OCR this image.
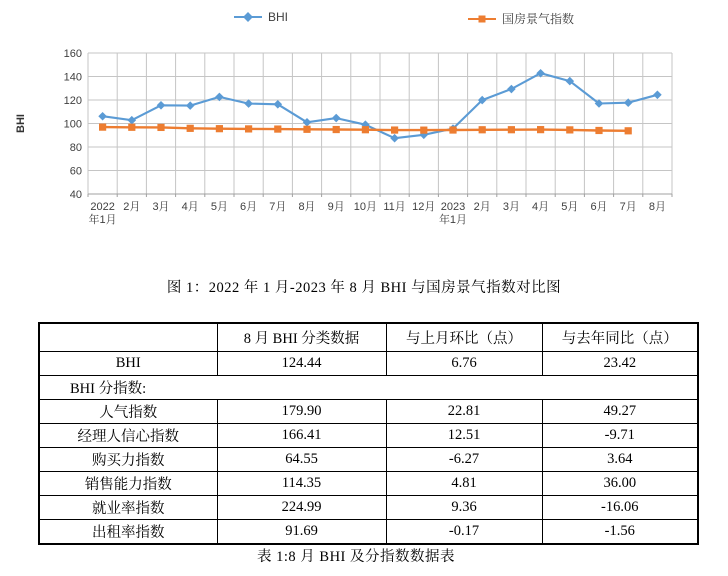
BHI	国房景气指数
40
60
80
100
120
140
160
BHI
2022 年1月
2月 3月 4月 5月 6月 7月 8月 9月 10月 11月 12月 2023 年1月
2月 3月 4月 5月 6月 7月 8月
图 1：2022 年 1 月-2023 年 8 月 BHI 与国房景气指数对比图
	8 月 BHI 分类数据	与上月环比（点）	与去年同比（点）
BHI	124.44	6.76	23.42
BHI 分指数:			
人气指数	179.90	22.81	49.27
经理人信心指数	166.41	12.51	-9.71
购买力指数	64.55	-6.27	3.64
销售能力指数	114.35	4.81	36.00
就业率指数	224.99	9.36	-16.06
出租率指数	91.69	-0.17	-1.56
表 1:8 月 BHI 及分指数数据表
